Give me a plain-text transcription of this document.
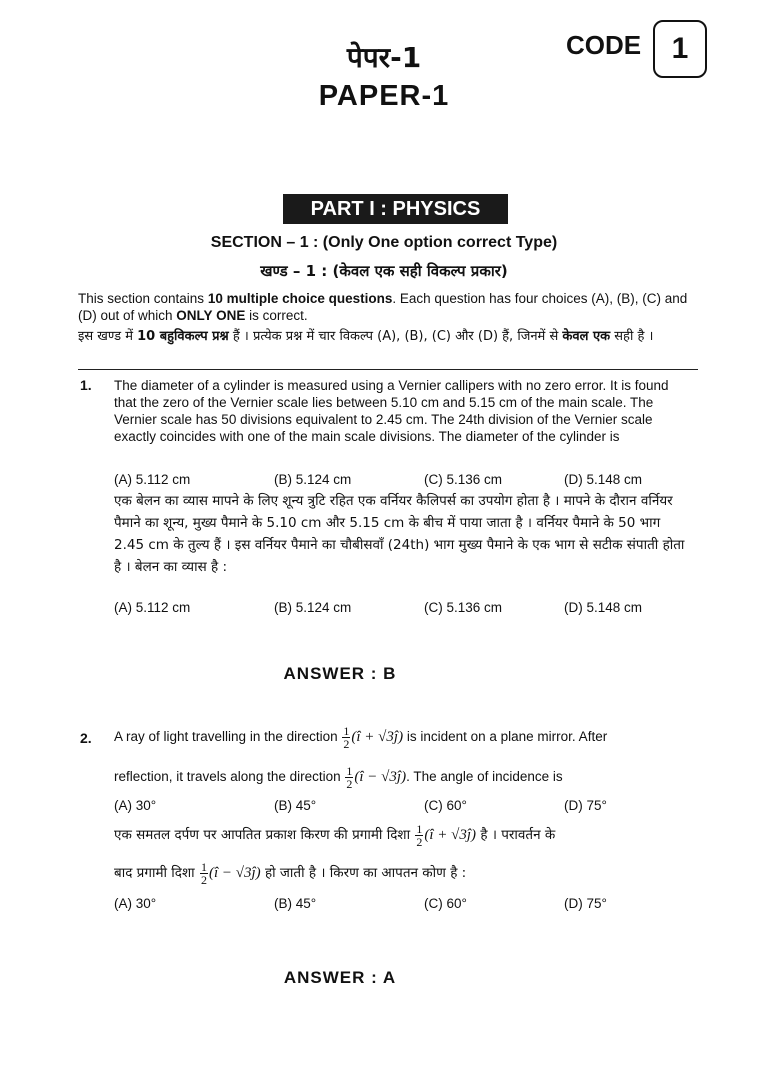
पेपर-1
PAPER-1
CODE	1
PART I : PHYSICS
SECTION – 1 : (Only One option correct Type)
खण्ड – 1 : (केवल एक सही विकल्प प्रकार)
This section contains 10 multiple choice questions. Each question has four choices (A), (B), (C) and (D) out of which ONLY ONE is correct.
इस खण्ड में 10 बहुविकल्प प्रश्न हैं । प्रत्येक प्रश्न में चार विकल्प (A), (B), (C) और (D) हैं, जिनमें से केवल एक सही है ।
1. The diameter of a cylinder is measured using a Vernier callipers with no zero error. It is found that the zero of the Vernier scale lies between 5.10 cm and 5.15 cm of the main scale. The Vernier scale has 50 divisions equivalent to 2.45 cm. The 24th division of the Vernier scale exactly coincides with one of the main scale divisions. The diameter of the cylinder is
(A) 5.112 cm	(B) 5.124 cm	(C) 5.136 cm	(D) 5.148 cm
एक बेलन का व्यास मापने के लिए शून्य त्रुटि रहित एक वर्नियर कैलिपर्स का उपयोग होता है । मापने के दौरान वर्नियर पैमाने का शून्य, मुख्य पैमाने के 5.10 cm और 5.15 cm के बीच में पाया जाता है । वर्नियर पैमाने के 50 भाग 2.45 cm के तुल्य हैं । इस वर्नियर पैमाने का चौबीसवाँ (24th) भाग मुख्य पैमाने के एक भाग से सटीक संपाती होता है । बेलन का व्यास है :
(A) 5.112 cm	(B) 5.124 cm	(C) 5.136 cm	(D) 5.148 cm
ANSWER : B
2. A ray of light travelling in the direction $\frac{1}{2}$ (î + √3ĵ) is incident on a plane mirror. After
reflection, it travels along the direction $\frac{1}{2}$ (î − √3ĵ). The angle of incidence is
(A) 30°	(B) 45°	(C) 60°	(D) 75°
एक समतल दर्पण पर आपतित प्रकाश किरण की प्रगामी दिशा $\frac{1}{2}$ (î + √3ĵ) है । परावर्तन के
बाद प्रगामी दिशा $\frac{1}{2}$ (î − √3ĵ) हो जाती है । किरण का आपतन कोण है :
(A) 30°	(B) 45°	(C) 60°	(D) 75°
ANSWER : A
